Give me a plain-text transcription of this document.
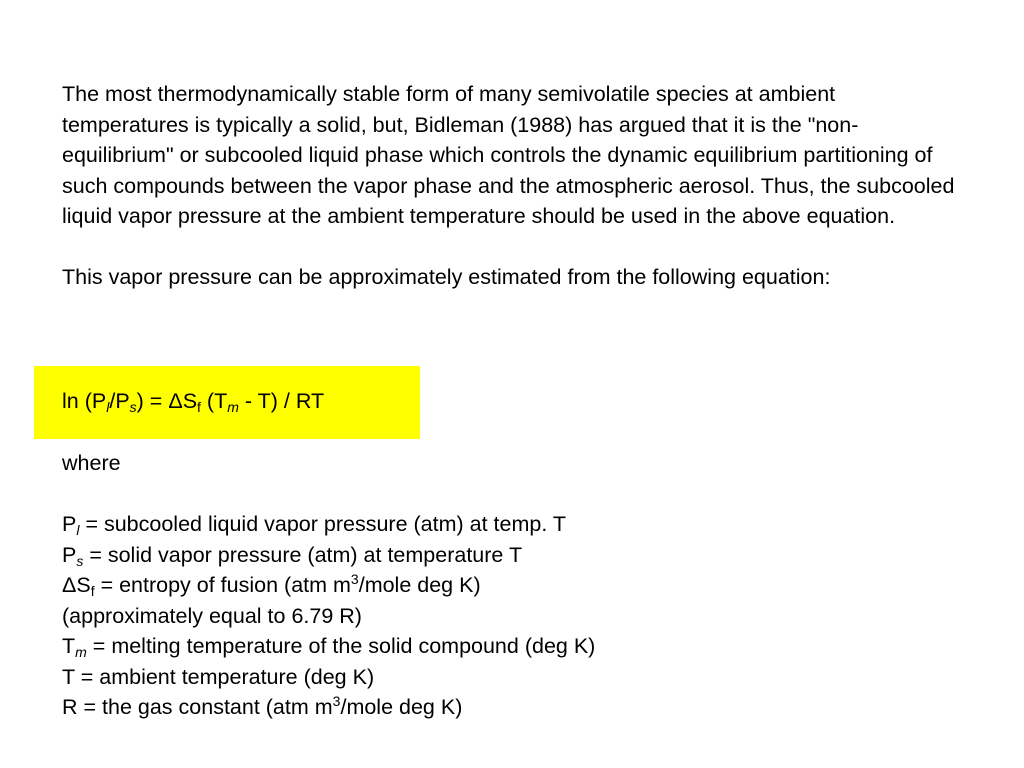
The most thermodynamically stable form of many semivolatile species at ambient temperatures is typically a solid, but, Bidleman (1988) has argued that it is the "non-equilibrium" or subcooled liquid phase which controls the dynamic equilibrium partitioning of such compounds between the vapor phase and the atmospheric aerosol. Thus, the subcooled liquid vapor pressure at the ambient temperature should be used in the above equation.

This vapor pressure can be approximately estimated from the following equation:

$\ln (P_l/P_s) = \Delta S_f$ $(T_m - T)$ / RT
where
$P_l$ = subcooled liquid vapor pressure (atm) at temp. T
$P_s$ = solid vapor pressure (atm) at temperature T
$\Delta S_f$ = entropy of fusion (atm $m^3$/mole deg K)
(approximately equal to 6.79 R)
$T_m$ = melting temperature of the solid compound (deg K)
T = ambient temperature (deg K)
R = the gas constant (atm $m^3$/mole deg K)
